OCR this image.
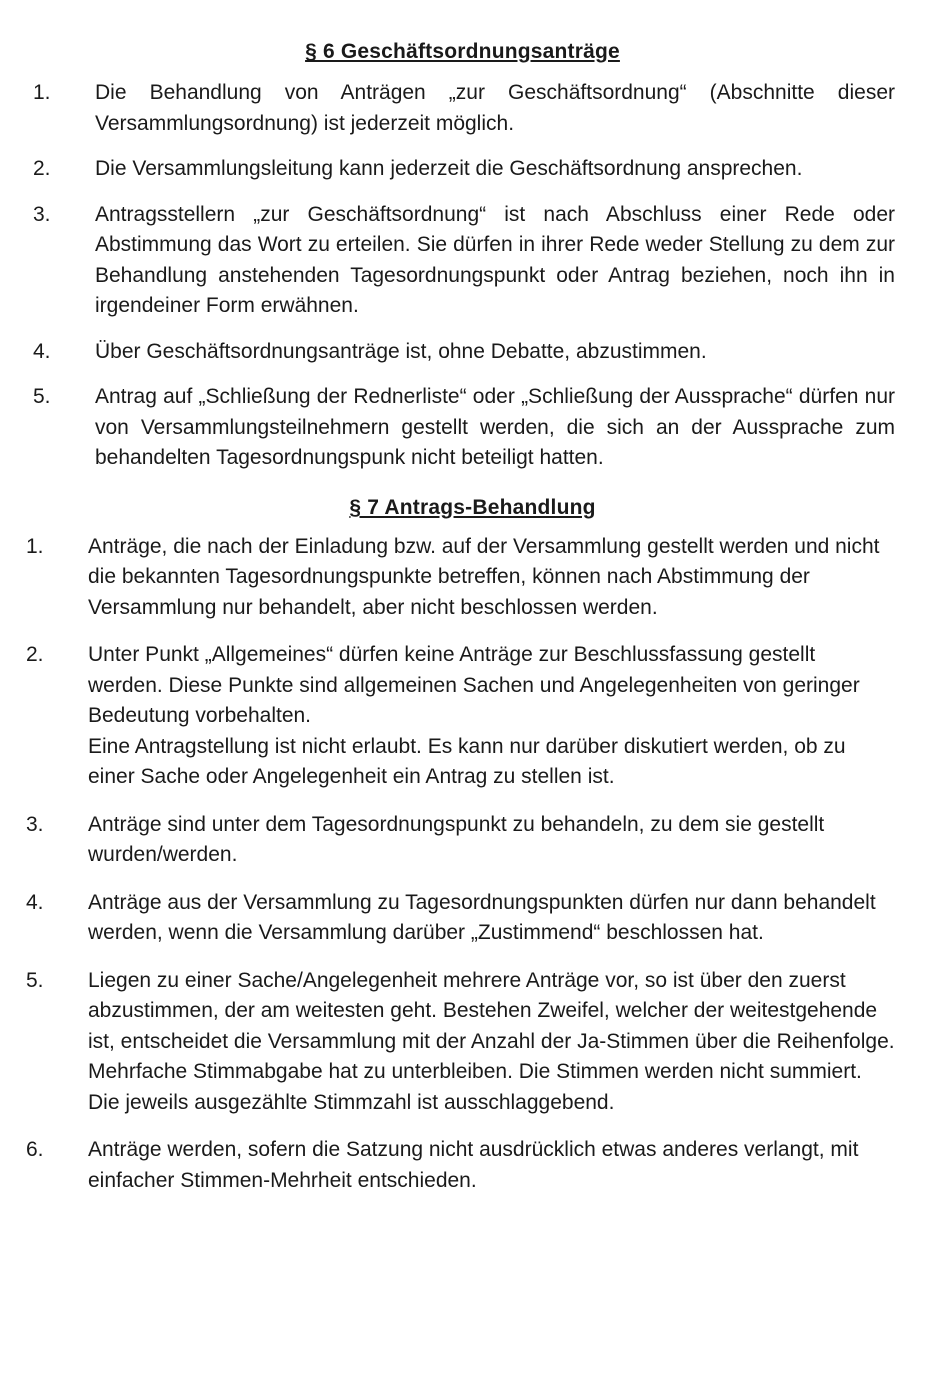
§ 6 Geschäftsordnungsanträge
1. Die Behandlung von Anträgen „zur Geschäftsordnung“ (Abschnitte dieser Versammlungsordnung) ist jederzeit möglich.
2. Die Versammlungsleitung kann jederzeit die Geschäftsordnung ansprechen.
3. Antragsstellern „zur Geschäftsordnung“ ist nach Abschluss einer Rede oder Abstimmung das Wort zu erteilen. Sie dürfen in ihrer Rede weder Stellung zu dem zur Behandlung anstehenden Tagesordnungspunkt oder Antrag beziehen, noch ihn in irgendeiner Form erwähnen.
4. Über Geschäftsordnungsanträge ist, ohne Debatte, abzustimmen.
5. Antrag auf „Schließung der Rednerliste“ oder „Schließung der Aussprache“ dürfen nur von Versammlungsteilnehmern gestellt werden, die sich an der Aussprache zum behandelten Tagesordnungspunk nicht beteiligt hatten.
§ 7 Antrags-Behandlung
1. Anträge, die nach der Einladung bzw. auf der Versammlung gestellt werden und nicht die bekannten Tagesordnungspunkte betreffen, können nach Abstimmung der Versammlung nur behandelt, aber nicht beschlossen werden.
2. Unter Punkt „Allgemeines“ dürfen keine Anträge zur Beschlussfassung gestellt werden. Diese Punkte sind allgemeinen Sachen und Angelegenheiten von geringer Bedeutung vorbehalten.
Eine Antragstellung ist nicht erlaubt. Es kann nur darüber diskutiert werden, ob zu einer Sache oder Angelegenheit ein Antrag zu stellen ist.
3. Anträge sind unter dem Tagesordnungspunkt zu behandeln, zu dem sie gestellt wurden/werden.
4. Anträge aus der Versammlung zu Tagesordnungspunkten dürfen nur dann behandelt werden, wenn die Versammlung darüber „Zustimmend“ beschlossen hat.
5. Liegen zu einer Sache/Angelegenheit mehrere Anträge vor, so ist über den zuerst abzustimmen, der am weitesten geht. Bestehen Zweifel, welcher der weitestgehende ist, entscheidet die Versammlung mit der Anzahl der Ja-Stimmen über die Reihenfolge. Mehrfache Stimmabgabe hat zu unterbleiben. Die Stimmen werden nicht summiert. Die jeweils ausgezählte Stimmzahl ist ausschlaggebend.
6. Anträge werden, sofern die Satzung nicht ausdrücklich etwas anderes verlangt, mit einfacher Stimmen-Mehrheit entschieden.
